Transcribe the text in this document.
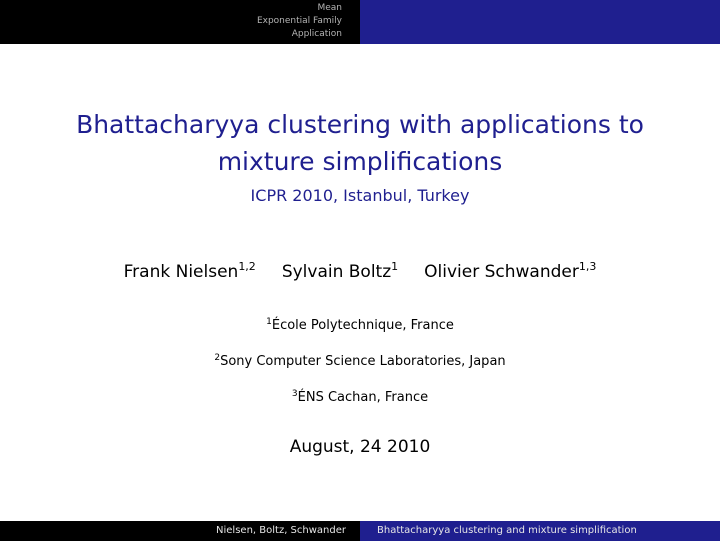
Mean
Exponential Family
Application
Bhattacharyya clustering with applications to
mixture simplifications
ICPR 2010, Istanbul, Turkey
Frank Nielsen$^{1,2}$	Sylvain Boltz$^1$	Olivier Schwander$^{1,3}$
$^1$École Polytechnique, France
$^2$Sony Computer Science Laboratories, Japan
$^3$ÉNS Cachan, France
August, 24 2010
Nielsen, Boltz, Schwander	Bhattacharyya clustering and mixture simplification
